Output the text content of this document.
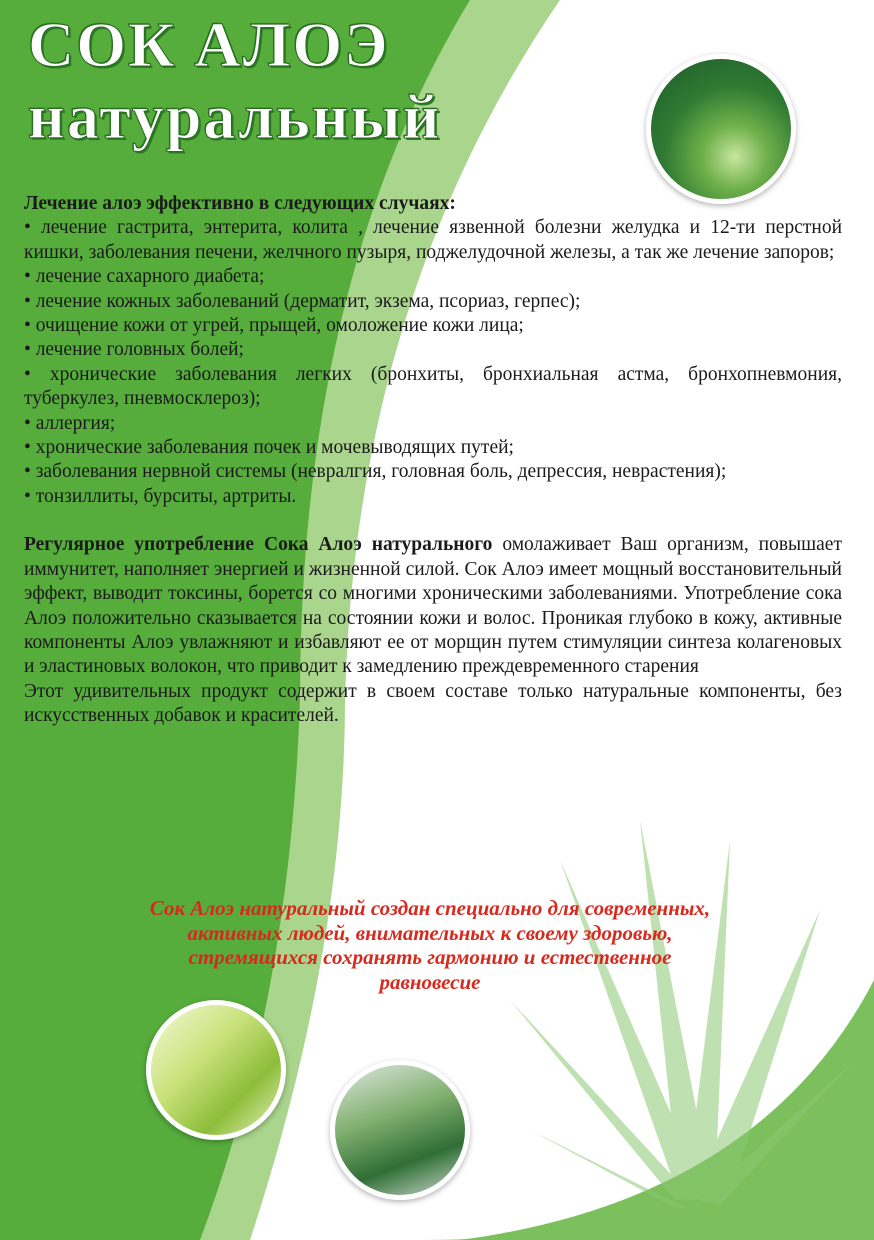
СОК АЛОЭ
натуральный

Лечение алоэ эффективно в следующих случаях:

• лечение гастрита, энтерита, колита , лечение язвенной болезни желудка и 12-ти перстной кишки, заболевания печени, желчного пузыря, поджелудочной железы, а так же лечение запоров;

• лечение сахарного диабета;

• лечение кожных заболеваний (дерматит, экзема, псориаз, герпес);

• очищение кожи от угрей, прыщей, омоложение кожи лица;

• лечение головных болей;

• хронические заболевания легких (бронхиты, бронхиальная астма, бронхопневмония, туберкулез, пневмосклероз);

• аллергия;

• хронические заболевания почек и мочевыводящих путей;

• заболевания нервной системы (невралгия, головная боль, депрессия, неврастения);

• тонзиллиты, бурситы, артриты.

Регулярное употребление Сока Алоэ натурального омолаживает Ваш организм, повышает иммунитет, наполняет энергией и жизненной силой. Сок Алоэ имеет мощный восстановительный эффект, выводит токсины, борется со многими хроническими заболеваниями. Употребление сока Алоэ положительно сказывается на состоянии кожи и волос. Проникая глубоко в кожу, активные компоненты Алоэ увлажняют и избавляют ее от морщин путем стимуляции синтеза колагеновых и эластиновых волокон, что приводит к замедлению преждевременного старения

Этот удивительных продукт содержит в своем составе только натуральные компоненты, без искусственных добавок и красителей.

Сок Алоэ натуральный создан специально для современных,
активных людей, внимательных к своему здоровью,
стремящихся сохранять гармонию и естественное
равновесие
